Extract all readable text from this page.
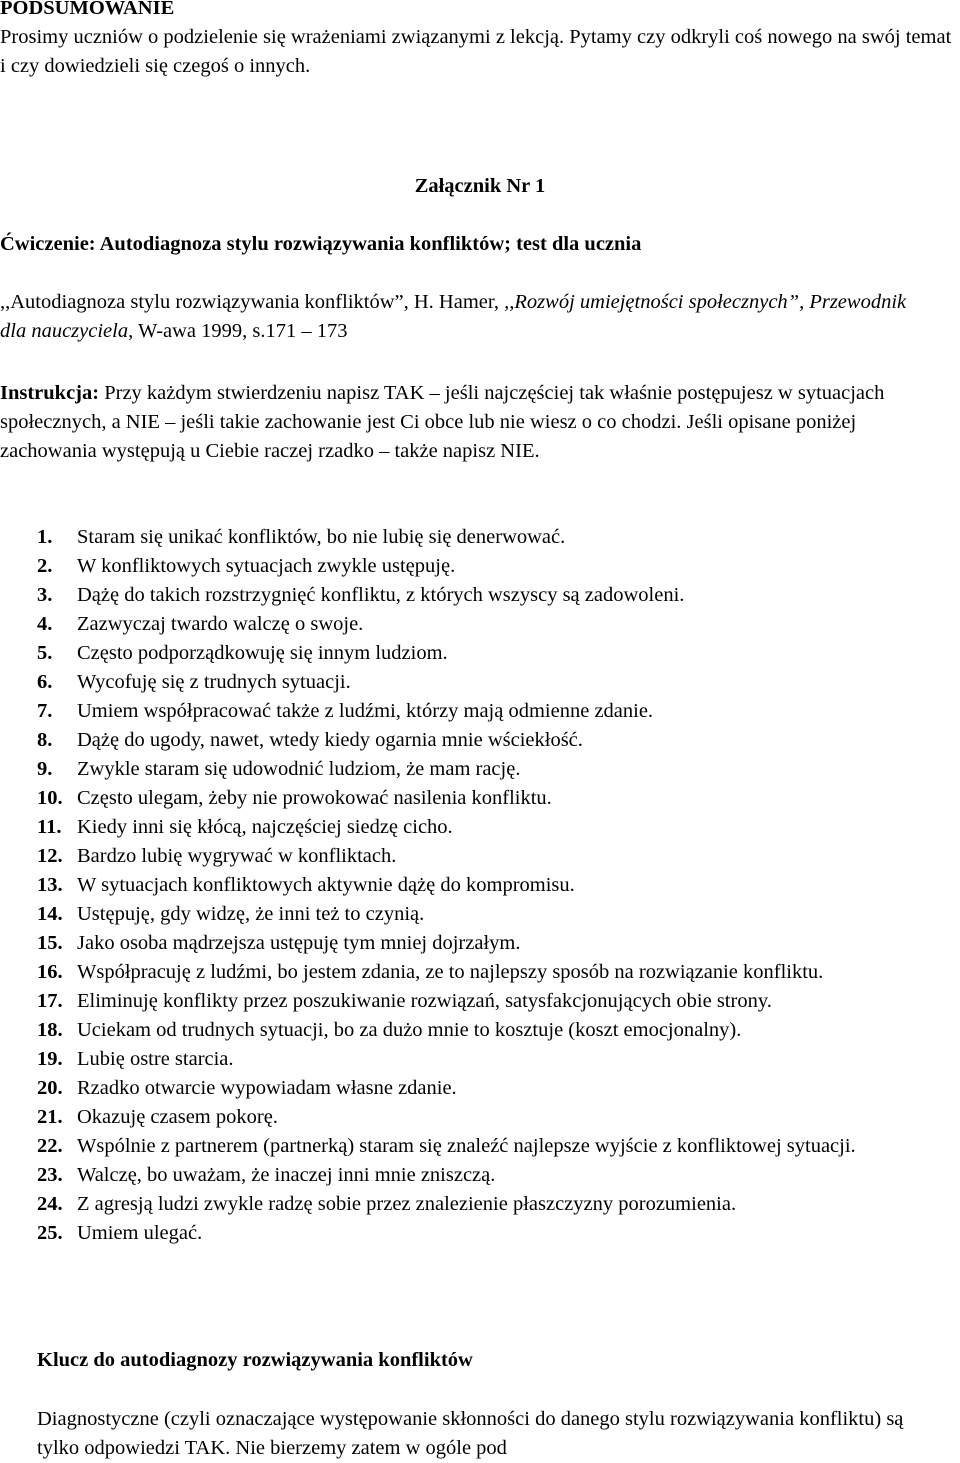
PODSUMOWANIE
Prosimy uczniów o podzielenie się wrażeniami związanymi z lekcją. Pytamy czy odkryli coś nowego na swój temat i czy dowiedzieli się czegoś o innych.
Załącznik Nr 1
Ćwiczenie: Autodiagnoza stylu rozwiązywania konfliktów; test dla ucznia
,,Autodiagnoza stylu rozwiązywania konfliktów”, H. Hamer, ,,Rozwój umiejętności społecznych”, Przewodnik dla nauczyciela, W-awa 1999, s.171 – 173
Instrukcja: Przy każdym stwierdzeniu napisz TAK – jeśli najczęściej tak właśnie postępujesz w sytuacjach społecznych, a NIE – jeśli takie zachowanie jest Ci obce lub nie wiesz o co chodzi. Jeśli opisane poniżej zachowania występują u Ciebie raczej rzadko – także napisz NIE.
1.	Staram się unikać konfliktów, bo nie lubię się denerwować.
2.	W konfliktowych sytuacjach zwykle ustępuję.
3.	Dążę do takich rozstrzygnięć konfliktu, z których wszyscy są zadowoleni.
4.	Zazwyczaj twardo walczę o swoje.
5.	Często podporządkowuję się innym ludziom.
6.	Wycofuję się z trudnych sytuacji.
7.	Umiem współpracować także z ludźmi, którzy mają odmienne zdanie.
8.	Dążę do ugody, nawet, wtedy kiedy ogarnia mnie wściekłość.
9.	Zwykle staram się udowodnić ludziom, że mam rację.
10. Często ulegam, żeby nie prowokować nasilenia konfliktu.
11. Kiedy inni się kłócą, najczęściej siedzę cicho.
12. Bardzo lubię wygrywać w konfliktach.
13. W sytuacjach konfliktowych aktywnie dążę do kompromisu.
14. Ustępuję, gdy widzę, że inni też to czynią.
15. Jako osoba mądrzejsza ustępuję tym mniej dojrzałym.
16. Współpracuję z ludźmi, bo jestem zdania, ze to najlepszy sposób na rozwiązanie konfliktu.
17. Eliminuję konflikty przez poszukiwanie rozwiązań, satysfakcjonujących obie strony.
18. Uciekam od trudnych sytuacji, bo za dużo mnie to kosztuje (koszt emocjonalny).
19. Lubię ostre starcia.
20. Rzadko otwarcie wypowiadam własne zdanie.
21. Okazuję czasem pokorę.
22. Wspólnie z partnerem (partnerką) staram się znaleźć najlepsze wyjście z konfliktowej sytuacji.
23. Walczę, bo uważam, że inaczej inni mnie zniszczą.
24. Z agresją ludzi zwykle radzę sobie przez znalezienie płaszczyzny porozumienia.
25. Umiem ulegać.
Klucz do autodiagnozy rozwiązywania konfliktów
Diagnostyczne (czyli oznaczające występowanie skłonności do danego stylu rozwiązywania konfliktu) są tylko odpowiedzi TAK. Nie bierzemy zatem w ogóle pod
